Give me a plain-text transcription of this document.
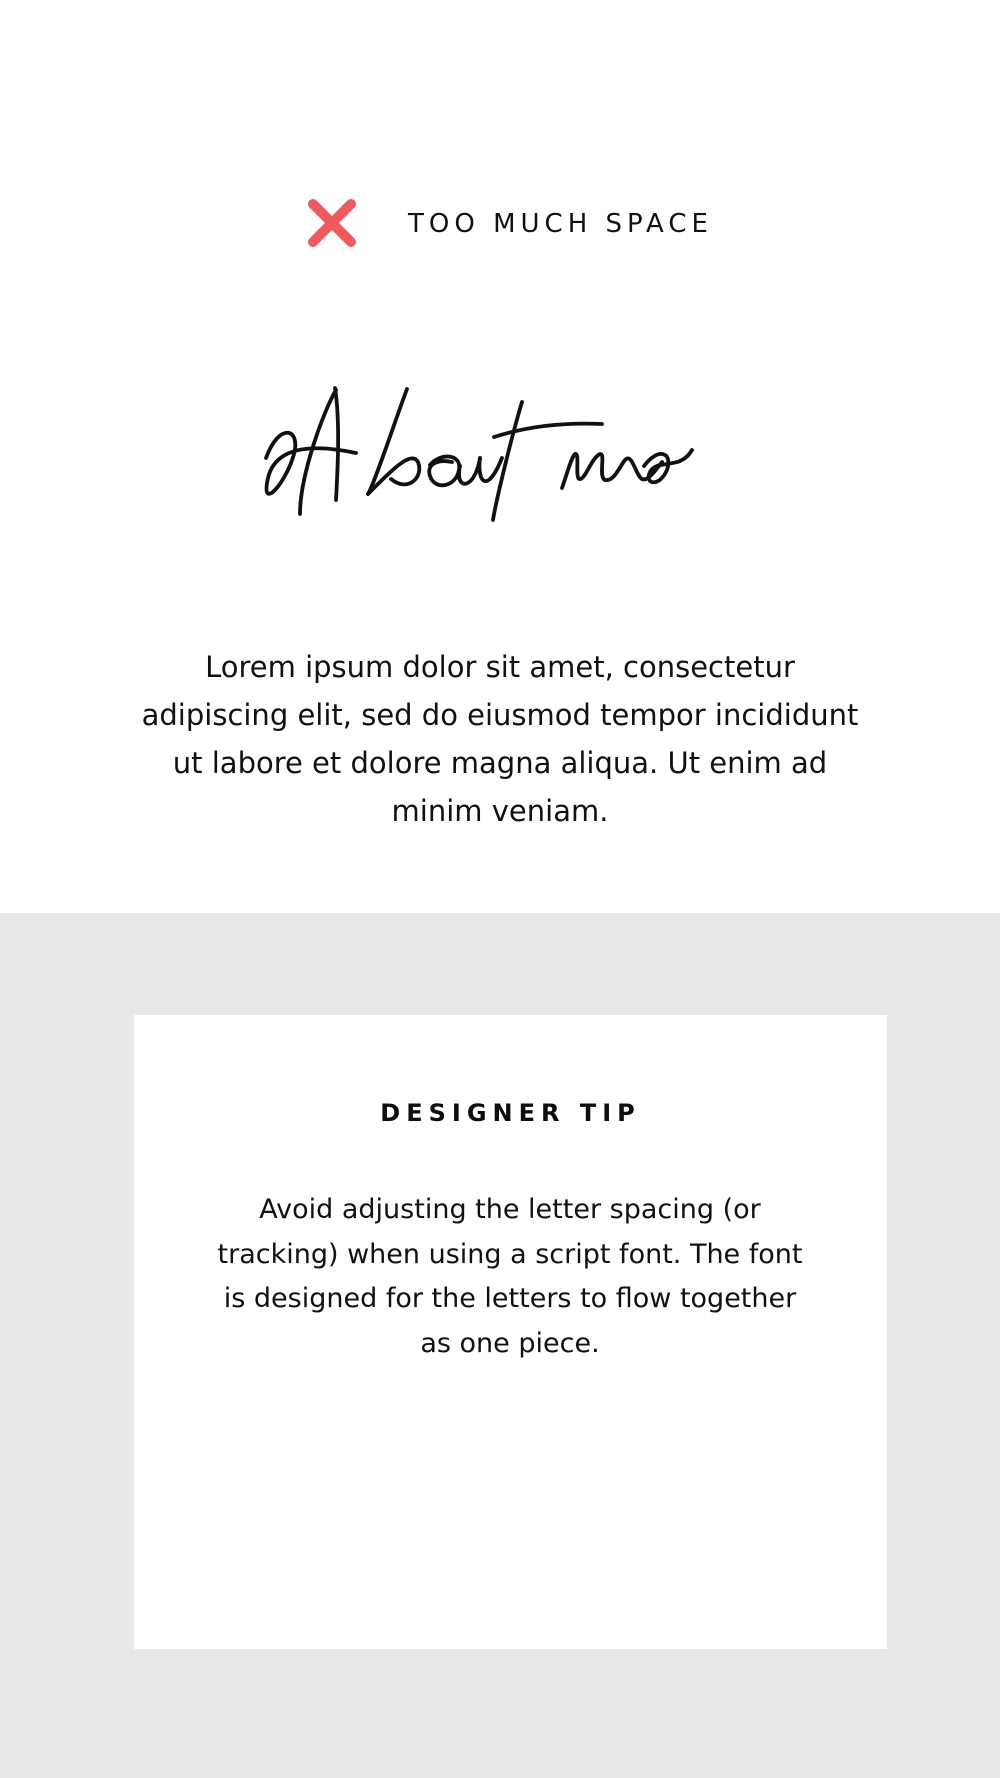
TOO MUCH SPACE

Lorem ipsum dolor sit amet, consectetur adipiscing elit, sed do eiusmod tempor incididunt ut labore et dolore magna aliqua. Ut enim ad minim veniam.

DESIGNER TIP

Avoid adjusting the letter spacing (or tracking) when using a script font. The font is designed for the letters to flow together as one piece.
